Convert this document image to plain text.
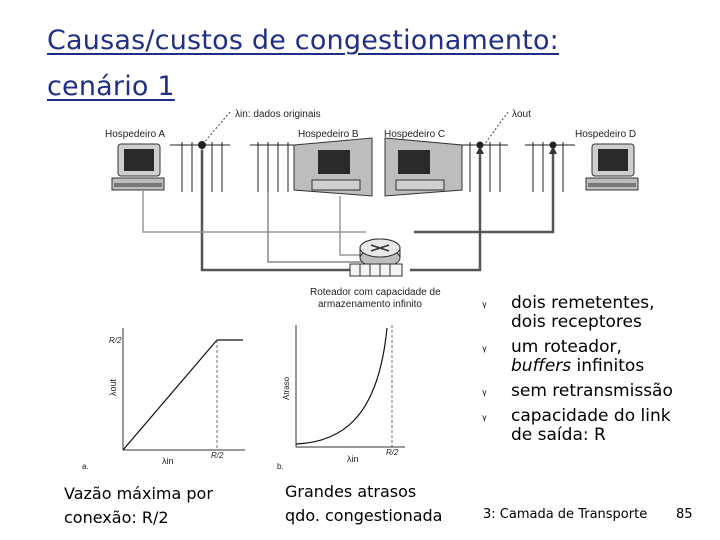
Causas/custos de congestionamento: cenário 1
λin: dados originais	λout
Hospedeiro A	Hospedeiro B	Hospedeiro C	Hospedeiro D
Roteador com capacidade de
armazenamento infinito
R/2
R/2
λout
λin
a.
R/2
Atraso
λin
b.
γ dois remetentes,
dois receptores
γ um roteador,
buffers infinitos
γ sem retransmissão
γ capacidade do link
de saída: R
Vazão máxima por
conexão: R/2
Grandes atrasos
qdo. congestionada	3: Camada de Transporte 85
